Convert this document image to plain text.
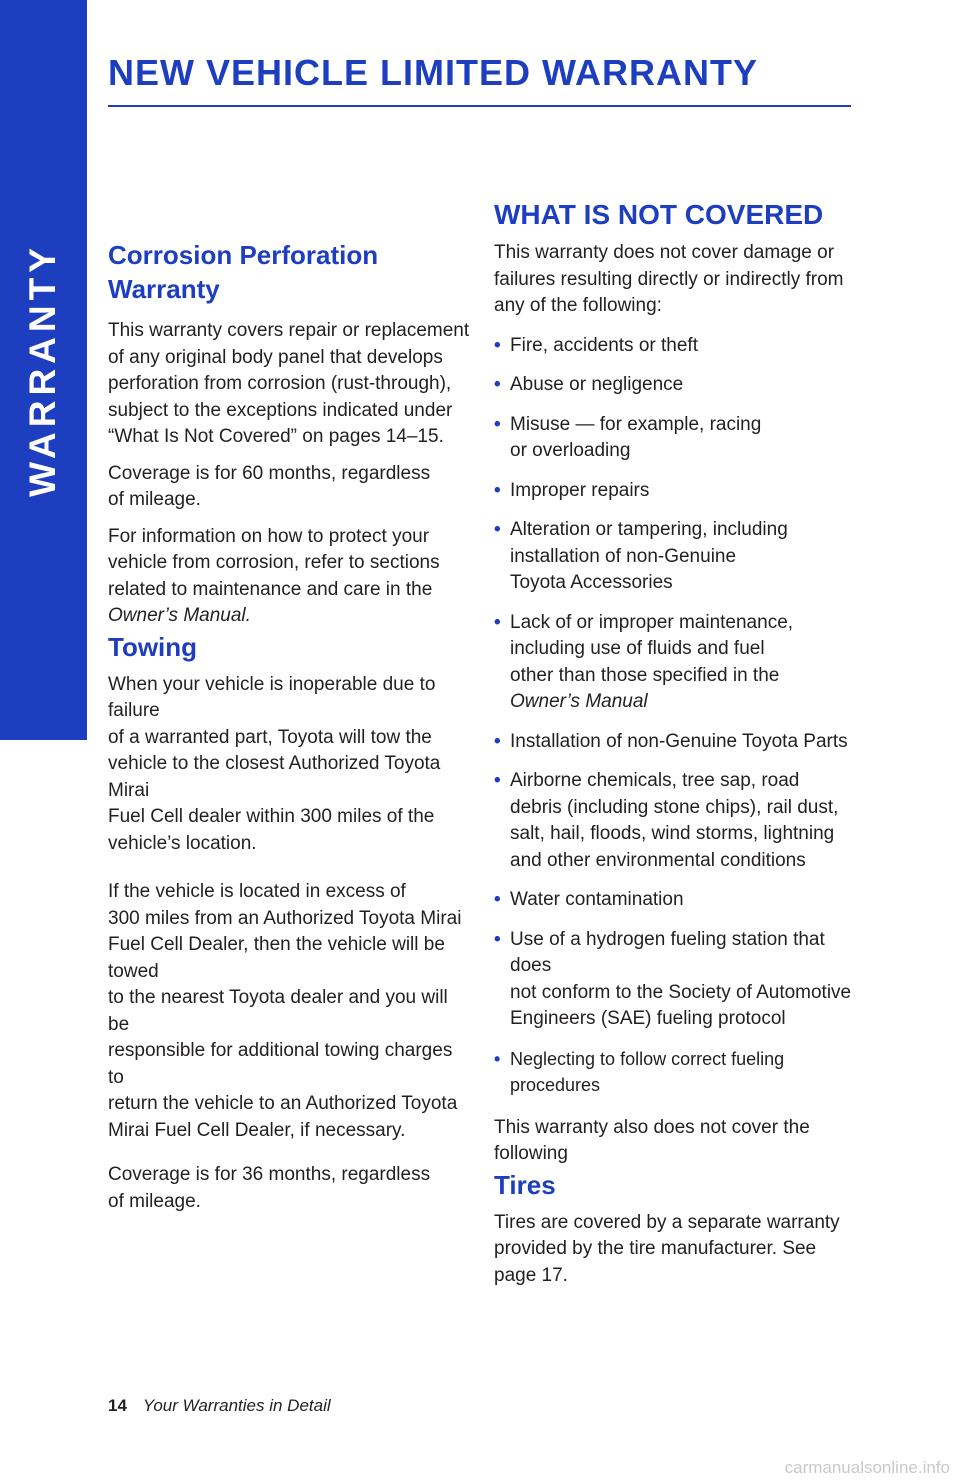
WARRANTY
NEW VEHICLE LIMITED WARRANTY
Corrosion Perforation Warranty

This warranty covers repair or replacement
of any original body panel that develops
perforation from corrosion (rust-through),
subject to the exceptions indicated under
“What Is Not Covered” on pages 14–15.

Coverage is for 60 months, regardless
of mileage.

For information on how to protect your
vehicle from corrosion, refer to sections
related to maintenance and care in the
Owner’s Manual.

Towing

When your vehicle is inoperable due to failure
of a warranted part, Toyota will tow the
vehicle to the closest Authorized Toyota Mirai
Fuel Cell dealer within 300 miles of the
vehicle’s location.

If the vehicle is located in excess of
300 miles from an Authorized Toyota Mirai
Fuel Cell Dealer, then the vehicle will be towed
to the nearest Toyota dealer and you will be
responsible for additional towing charges to
return the vehicle to an Authorized Toyota
Mirai Fuel Cell Dealer, if necessary.

Coverage is for 36 months, regardless
of mileage.

WHAT IS NOT COVERED

This warranty does not cover damage or
failures resulting directly or indirectly from
any of the following:

• Fire, accidents or theft
• Abuse or negligence
• Misuse — for example, racing
or overloading
• Improper repairs
• Alteration or tampering, including
installation of non-Genuine
Toyota Accessories
• Lack of or improper maintenance,
including use of fluids and fuel
other than those specified in the
Owner’s Manual
• Installation of non-Genuine Toyota Parts
• Airborne chemicals, tree sap, road
debris (including stone chips), rail dust,
salt, hail, floods, wind storms, lightning
and other environmental conditions
• Water contamination
• Use of a hydrogen fueling station that does
not conform to the Society of Automotive
Engineers (SAE) fueling protocol
• Neglecting to follow correct fueling procedures

This warranty also does not cover the following

Tires

Tires are covered by a separate warranty
provided by the tire manufacturer. See
page 17.

14 Your Warranties in Detail
carmanualsonline.info
